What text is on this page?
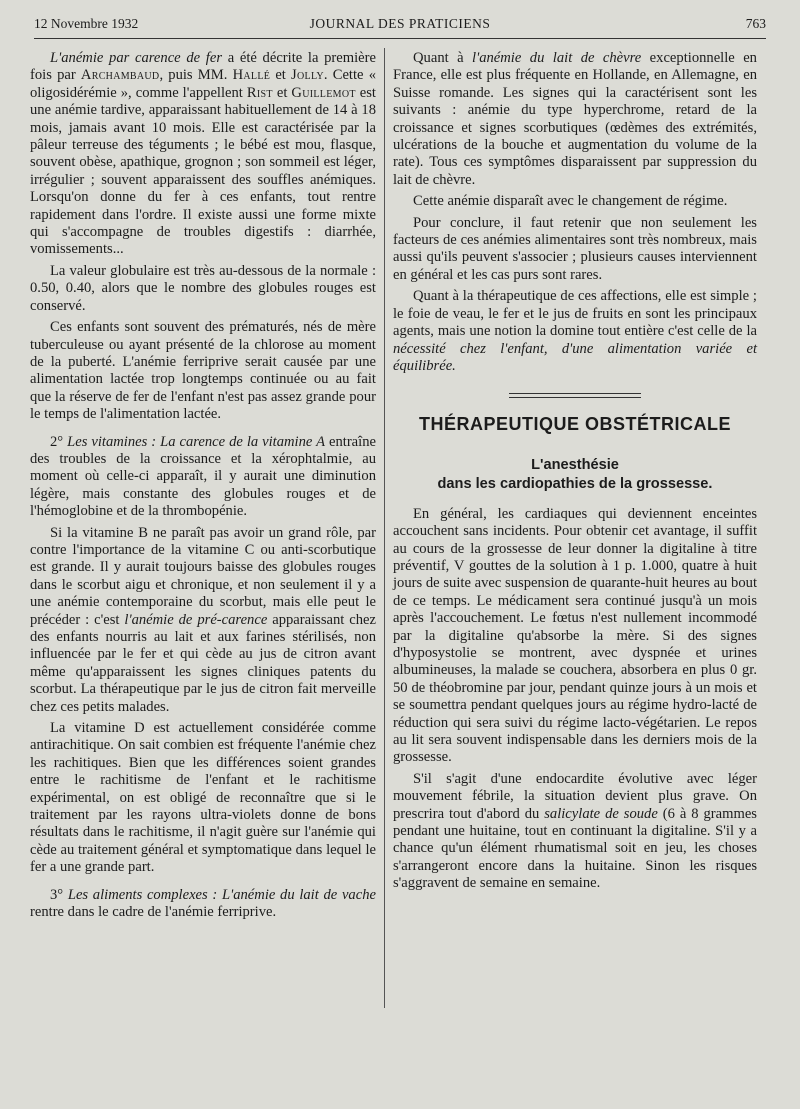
12 Novembre 1932	JOURNAL DES PRATICIENS	763

L'anémie par carence de fer a été décrite la première fois par Archambaud, puis MM. Hallé et Jolly. Cette « oligosidérémie », comme l'appellent Rist et Guillemot est une anémie tardive, apparaissant habituellement de 14 à 18 mois, jamais avant 10 mois. Elle est caractérisée par la pâleur terreuse des téguments ; le bébé est mou, flasque, souvent obèse, apathique, grognon ; son sommeil est léger, irrégulier ; souvent apparaissent des souffles anémiques. Lorsqu'on donne du fer à ces enfants, tout rentre rapidement dans l'ordre. Il existe aussi une forme mixte qui s'accompagne de troubles digestifs : diarrhée, vomissements...

La valeur globulaire est très au-dessous de la normale : 0.50, 0.40, alors que le nombre des globules rouges est conservé.

Ces enfants sont souvent des prématurés, nés de mère tuberculeuse ou ayant présenté de la chlorose au moment de la puberté. L'anémie ferriprive serait causée par une alimentation lactée trop longtemps continuée ou au fait que la réserve de fer de l'enfant n'est pas assez grande pour le temps de l'alimentation lactée.

2° Les vitamines : La carence de la vitamine A entraîne des troubles de la croissance et la xérophtalmie, au moment où celle-ci apparaît, il y aurait une diminution légère, mais constante des globules rouges et de l'hémoglobine et de la thrombopénie.

Si la vitamine B ne paraît pas avoir un grand rôle, par contre l'importance de la vitamine C ou anti-scorbutique est grande. Il y aurait toujours baisse des globules rouges dans le scorbut aigu et chronique, et non seulement il y a une anémie contemporaine du scorbut, mais elle peut le précéder : c'est l'anémie de pré-carence apparaissant chez des enfants nourris au lait et aux farines stérilisés, non influencée par le fer et qui cède au jus de citron avant même qu'apparaissent les signes cliniques patents du scorbut. La thérapeutique par le jus de citron fait merveille chez ces petits malades.

La vitamine D est actuellement considérée comme antirachitique. On sait combien est fréquente l'anémie chez les rachitiques. Bien que les différences soient grandes entre le rachitisme de l'enfant et le rachitisme expérimental, on est obligé de reconnaître que si le traitement par les rayons ultra-violets donne de bons résultats dans le rachitisme, il n'agit guère sur l'anémie qui cède au traitement général et symptomatique dans lequel le fer a une grande part.

3° Les aliments complexes : L'anémie du lait de vache rentre dans le cadre de l'anémie ferriprive.

Quant à l'anémie du lait de chèvre exceptionnelle en France, elle est plus fréquente en Hollande, en Allemagne, en Suisse romande. Les signes qui la caractérisent sont les suivants : anémie du type hyperchrome, retard de la croissance et signes scorbutiques (œdèmes des extrémités, ulcérations de la bouche et augmentation du volume de la rate). Tous ces symptômes disparaissent par suppression du lait de chèvre.

Cette anémie disparaît avec le changement de régime.

Pour conclure, il faut retenir que non seulement les facteurs de ces anémies alimentaires sont très nombreux, mais aussi qu'ils peuvent s'associer ; plusieurs causes interviennent en général et les cas purs sont rares.

Quant à la thérapeutique de ces affections, elle est simple ; le foie de veau, le fer et le jus de fruits en sont les principaux agents, mais une notion la domine tout entière c'est celle de la nécessité chez l'enfant, d'une alimentation variée et équilibrée.

THÉRAPEUTIQUE OBSTÉTRICALE
L'anesthésie
dans les cardiopathies de la grossesse.

En général, les cardiaques qui deviennent enceintes accouchent sans incidents. Pour obtenir cet avantage, il suffit au cours de la grossesse de leur donner la digitaline à titre préventif, V gouttes de la solution à 1 p. 1.000, quatre à huit jours de suite avec suspension de quarante-huit heures au bout de ce temps. Le médicament sera continué jusqu'à un mois après l'accouchement. Le fœtus n'est nullement incommodé par la digitaline qu'absorbe la mère. Si des signes d'hyposystolie se montrent, avec dyspnée et urines albumineuses, la malade se couchera, absorbera en plus 0 gr. 50 de théobromine par jour, pendant quinze jours à un mois et se soumettra pendant quelques jours au régime hydro-lacté de réduction qui sera suivi du régime lacto-végétarien. Le repos au lit sera souvent indispensable dans les derniers mois de la grossesse.

S'il s'agit d'une endocardite évolutive avec léger mouvement fébrile, la situation devient plus grave. On prescrira tout d'abord du salicylate de soude (6 à 8 grammes pendant une huitaine, tout en continuant la digitaline. S'il y a chance qu'un élément rhumatismal soit en jeu, les choses s'arrangeront encore dans la huitaine. Sinon les risques s'aggravent de semaine en semaine.
